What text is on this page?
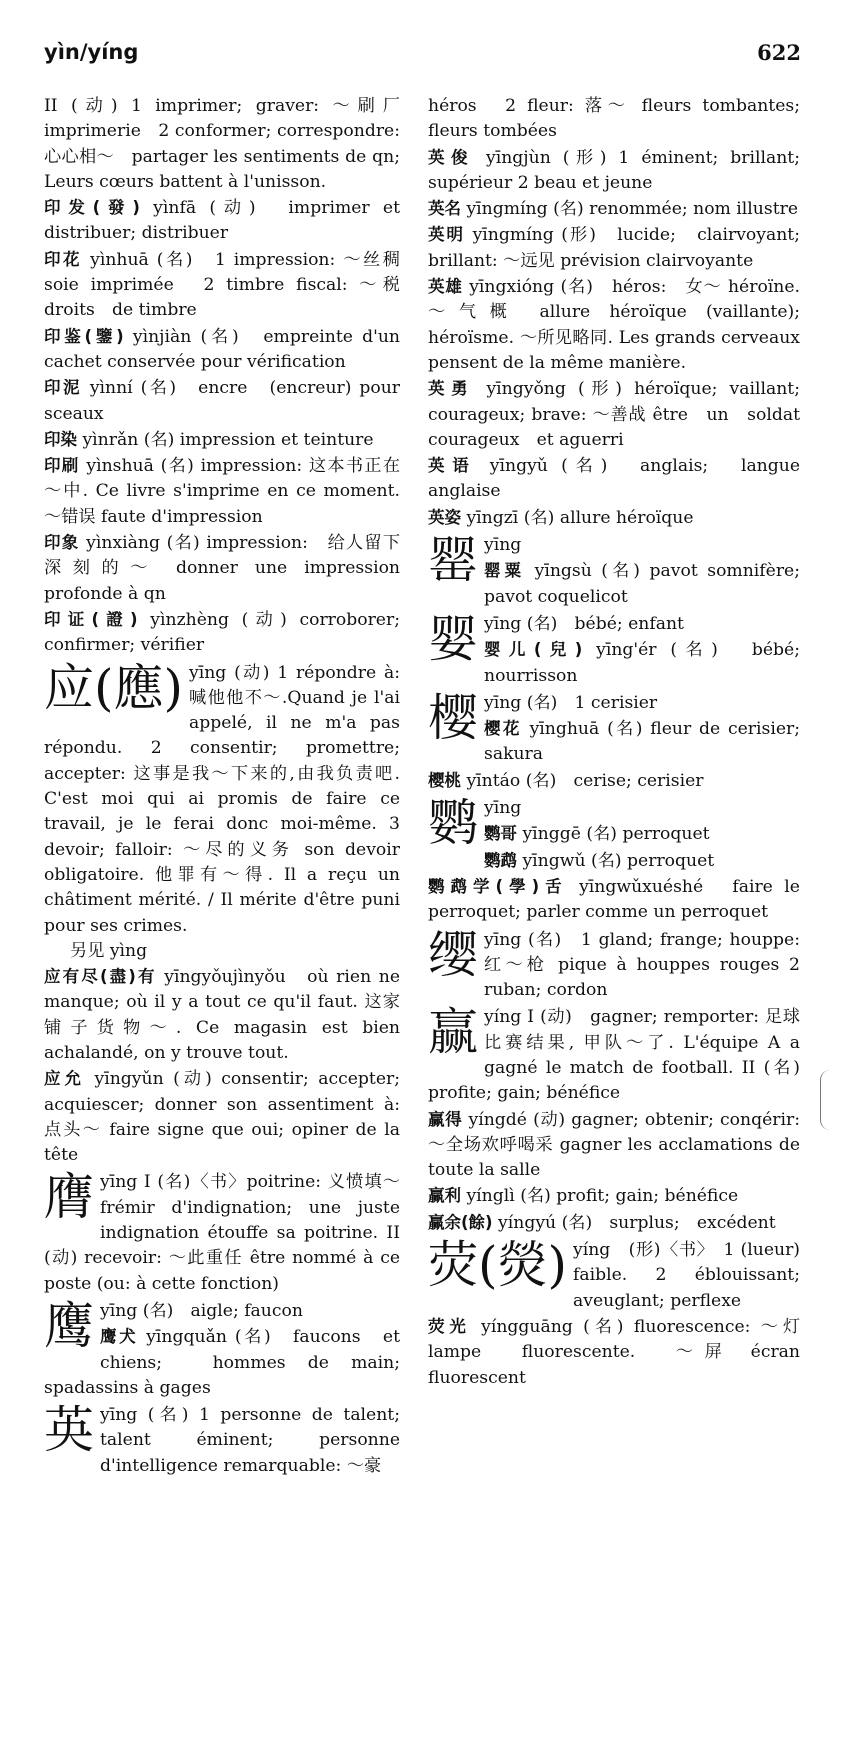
yìn/yíng	622

II (动) 1 imprimer; graver: ～刷厂　imprimerie　2 conformer; correspondre: 心心相～　partager les sentiments de qn; Leurs cœurs battent à l'unisson.

印发(發) yìnfā (动)　imprimer et distribuer; distribuer

印花 yìnhuā (名)　1 impression: ～丝稠　soie imprimée　2 timbre fiscal: ～税　droits　de timbre

印鉴(鑒) yìnjiàn (名)　empreinte d'un cachet conservée pour vérification

印泥 yìnní (名)　encre　(encreur) pour sceaux

印染 yìnrǎn (名) impression et teinture

印刷 yìnshuā (名) impression: 这本书正在～中. Ce livre s'imprime en ce moment. ～错误 faute d'impression

印象 yìnxiàng (名) impression:　给人留下深刻的～ donner une impression profonde à qn

印证(證) yìnzhèng (动) corroborer; confirmer; vérifier

应(應) yīng (动) 1 répondre à: 喊他他不～.Quand je l'ai appelé, il ne m'a pas répondu. 2 consentir; promettre; accepter: 这事是我～下来的,由我负责吧. C'est moi qui ai promis de faire ce travail, je le ferai donc moi-même. 3 devoir; falloir: ～尽的义务 son devoir obligatoire. 他罪有～得. Il a reçu un châtiment mérité. / Il mérite d'être puni pour ses crimes.

另见 yìng

应有尽(盡)有 yīngyǒujìnyǒu　où rien ne manque; où il y a tout ce qu'il faut. 这家铺子货物～. Ce magasin est bien achalandé, on y trouve tout.

应允 yīngyǔn (动) consentir; accepter; acquiescer; donner son assentiment à: 点头～ faire signe que oui; opiner de la tête

膺 yīng I (名)〈书〉poitrine: 义愤填～ frémir d'indignation; une juste indignation étouffe sa poitrine. II (动) recevoir: ～此重任 être nommé à ce poste (ou: à cette fonction)
鹰 yīng (名)　aigle; faucon

鹰犬 yīngquǎn (名)　faucons　et chiens;　hommes de main;　spadassins à gages

英 yīng (名) 1 personne de talent; talent éminent; personne d'intelligence remarquable: ～豪

héros　2 fleur: 落～ fleurs tombantes; fleurs tombées

英俊 yīngjùn (形) 1 éminent; brillant; supérieur 2 beau et jeune

英名 yīngmíng (名) renommée; nom illustre

英明 yīngmíng (形)　lucide;　clairvoyant; brillant: ～远见 prévision clairvoyante

英雄 yīngxióng (名)　héros:　女～ héroïne. ～气概 allure héroïque (vaillante); héroïsme. ～所见略同. Les grands cerveaux pensent de la même manière.

英勇 yīngyǒng (形) héroïque; vaillant; courageux; brave: ～善战 être　un　soldat　courageux　et aguerri

英语 yīngyǔ (名)　anglais;　langue anglaise

英姿 yīngzī (名) allure héroïque

罂 yīng

罂粟 yīngsù (名) pavot somnifère; pavot coquelicot

婴 yīng (名)　bébé; enfant

婴儿(兒) yīng'ér (名)　bébé; nourrisson

樱 yīng (名)　1 cerisier

樱花 yīnghuā (名) fleur de cerisier; sakura

樱桃 yīntáo (名)　cerise; cerisier

鹦 yīng

鹦哥 yīnggē (名) perroquet

鹦鹉 yīngwǔ (名) perroquet

鹦鹉学(學)舌 yīngwǔxuéshé　faire le perroquet; parler comme un perroquet

缨 yīng (名)　1 gland; frange; houppe: 红～枪 pique à houppes rouges 2 ruban; cordon
赢 yíng I (动)　gagner; remporter: 足球比赛结果, 甲队～了. L'équipe A a gagné le match de football. II (名) profite; gain; bénéfice

赢得 yíngdé (动) gagner; obtenir; conqérir: ～全场欢呼喝采 gagner les acclamations de toute la salle

赢利 yínglì (名) profit; gain; bénéfice

赢余(餘) yíngyú (名)　surplus;　excédent

荧(熒) yíng　(形)〈书〉　1 (lueur) faible. 2 éblouissant; aveuglant; perflexe

荧光 yíngguāng (名) fluorescence: ～灯　lampe　fluorescente.　～屏 écran fluorescent
